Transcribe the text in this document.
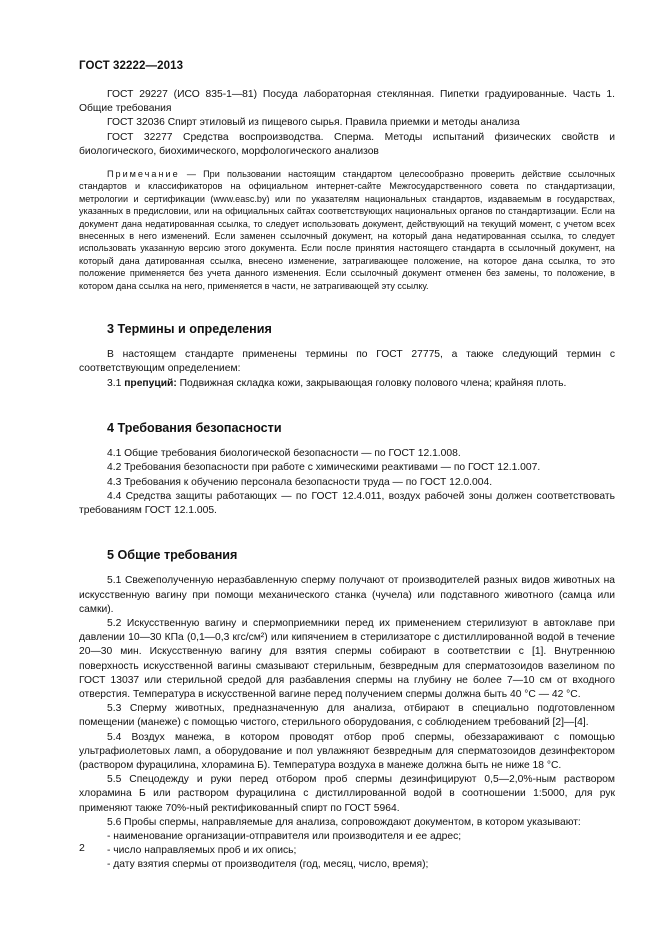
ГОСТ 32222—2013

ГОСТ 29227 (ИСО 835-1—81) Посуда лабораторная стеклянная. Пипетки градуированные. Часть 1. Общие требования

ГОСТ 32036 Спирт этиловый из пищевого сырья. Правила приемки и методы анализа

ГОСТ 32277 Средства воспроизводства. Сперма. Методы испытаний физических свойств и биологического, биохимического, морфологического анализов

Примечание — При пользовании настоящим стандартом целесообразно проверить действие ссылочных стандартов и классификаторов на официальном интернет-сайте Межгосударственного совета по стандартизации, метрологии и сертификации (www.easc.by) или по указателям национальных стандартов, издаваемым в государствах, указанных в предисловии, или на официальных сайтах соответствующих национальных органов по стандартизации. Если на документ дана недатированная ссылка, то следует использовать документ, действующий на текущий момент, с учетом всех внесенных в него изменений. Если заменен ссылочный документ, на который дана недатированная ссылка, то следует использовать указанную версию этого документа. Если после принятия настоящего стандарта в ссылочный документ, на который дана датированная ссылка, внесено изменение, затрагивающее положение, на которое дана ссылка, то это положение применяется без учета данного изменения. Если ссылочный документ отменен без замены, то положение, в котором дана ссылка на него, применяется в части, не затрагивающей эту ссылку.

3 Термины и определения

В настоящем стандарте применены термины по ГОСТ 27775, а также следующий термин с соответствующим определением:

3.1 препуций: Подвижная складка кожи, закрывающая головку полового члена; крайняя плоть.

4 Требования безопасности

4.1 Общие требования биологической безопасности — по ГОСТ 12.1.008.

4.2 Требования безопасности при работе с химическими реактивами — по ГОСТ 12.1.007.

4.3 Требования к обучению персонала безопасности труда — по ГОСТ 12.0.004.

4.4 Средства защиты работающих — по ГОСТ 12.4.011, воздух рабочей зоны должен соответствовать требованиям ГОСТ 12.1.005.

5 Общие требования

5.1 Свежеполученную неразбавленную сперму получают от производителей разных видов животных на искусственную вагину при помощи механического станка (чучела) или подставного животного (самца или самки).

5.2 Искусственную вагину и спермоприемники перед их применением стерилизуют в автоклаве при давлении 10—30 КПа (0,1—0,3 кгс/см²) или кипячением в стерилизаторе с дистиллированной водой в течение 20—30 мин. Искусственную вагину для взятия спермы собирают в соответствии с [1]. Внутреннюю поверхность искусственной вагины смазывают стерильным, безвредным для сперматозоидов вазелином по ГОСТ 13037 или стерильной средой для разбавления спермы на глубину не более 7—10 см от входного отверстия. Температура в искусственной вагине перед получением спермы должна быть 40 °С — 42 °С.

5.3 Сперму животных, предназначенную для анализа, отбирают в специально подготовленном помещении (манеже) с помощью чистого, стерильного оборудования, с соблюдением требований [2]—[4].

5.4 Воздух манежа, в котором проводят отбор проб спермы, обеззараживают с помощью ультрафиолетовых ламп, а оборудование и пол увлажняют безвредным для сперматозоидов дезинфектором (раствором фурацилина, хлорамина Б). Температура воздуха в манеже должна быть не ниже 18 °С.

5.5 Спецодежду и руки перед отбором проб спермы дезинфицируют 0,5—2,0%-ным раствором хлорамина Б или раствором фурацилина с дистиллированной водой в соотношении 1:5000, для рук применяют также 70%-ный ректификованный спирт по ГОСТ 5964.

5.6 Пробы спермы, направляемые для анализа, сопровождают документом, в котором указывают:

- наименование организации-отправителя или производителя и ее адрес;

- число направляемых проб и их опись;

- дату взятия спермы от производителя (год, месяц, число, время);

2
